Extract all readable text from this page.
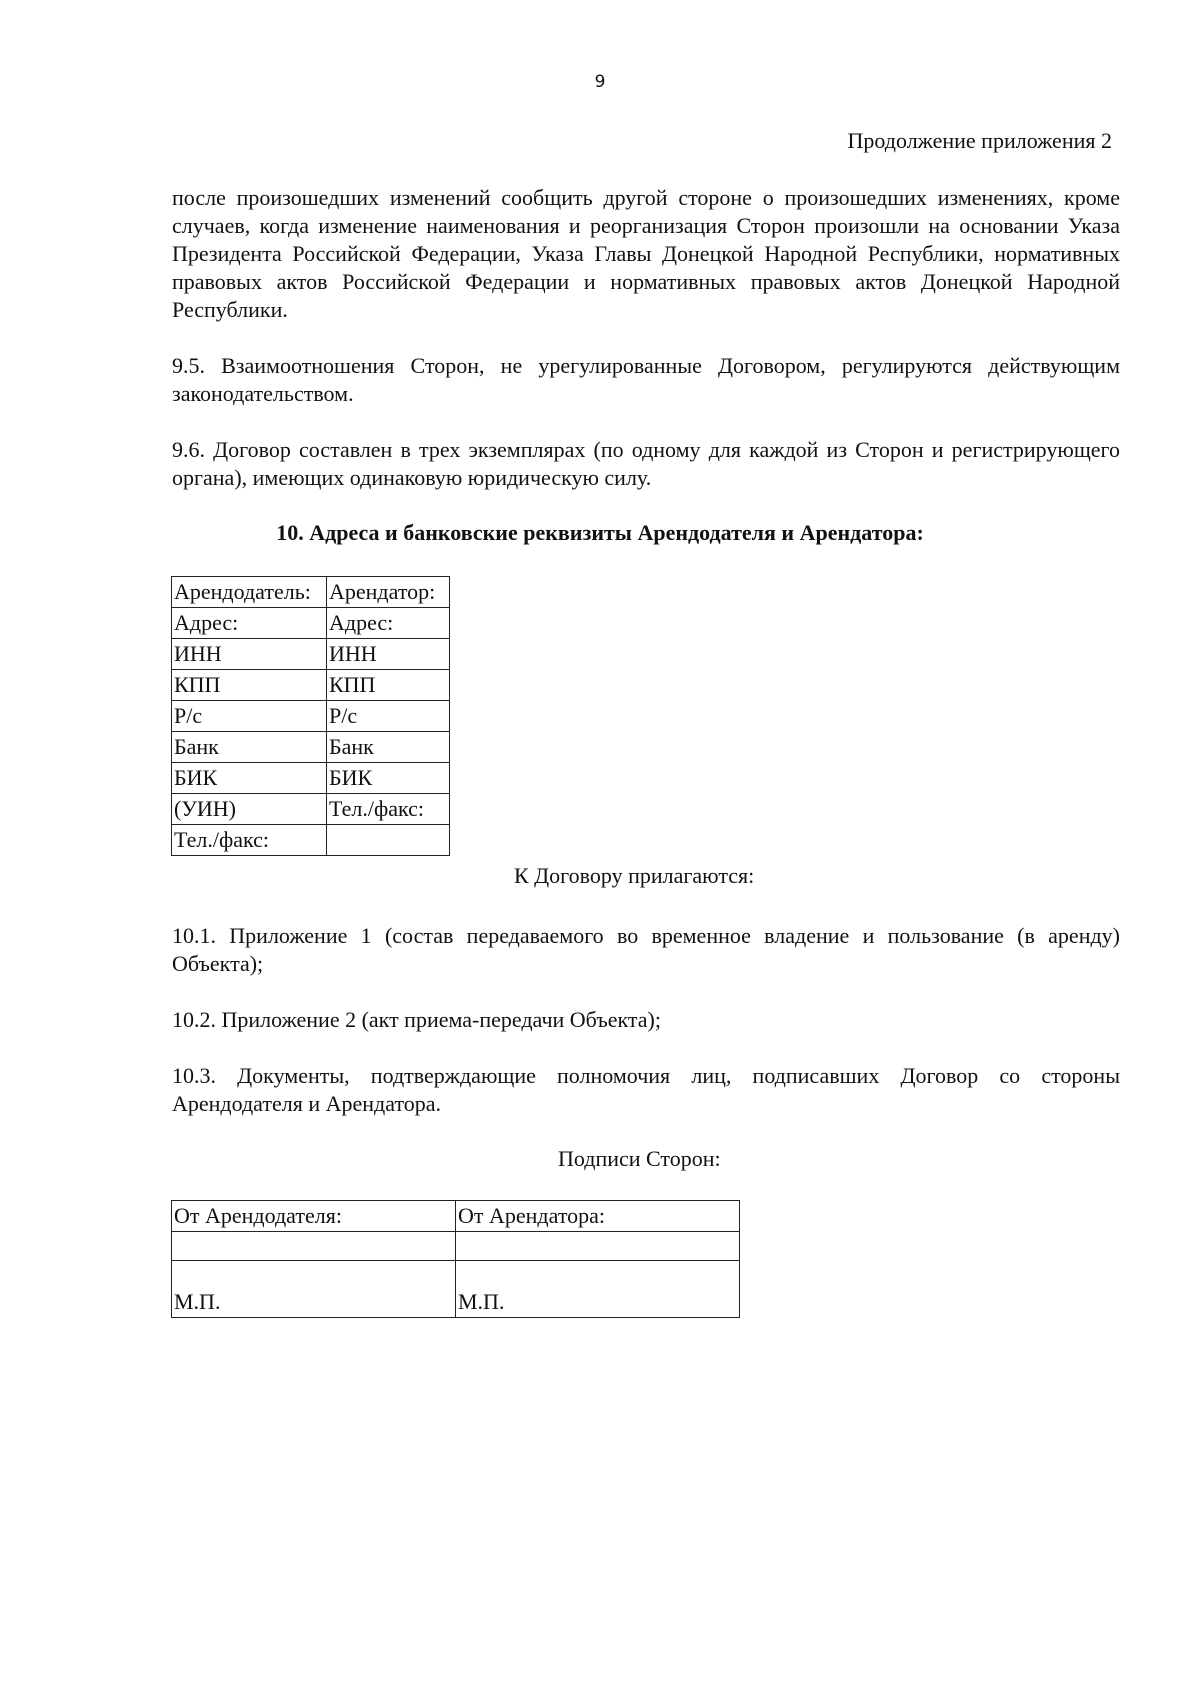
9
Продолжение приложения 2

после произошедших изменений сообщить другой стороне о произошедших изменениях, кроме случаев, когда изменение наименования и реорганизация Сторон произошли на основании Указа Президента Российской Федерации, Указа Главы Донецкой Народной Республики, нормативных правовых актов Российской Федерации и нормативных правовых актов Донецкой Народной Республики.

9.5. Взаимоотношения Сторон, не урегулированные Договором, регулируются действующим законодательством.

9.6. Договор составлен в трех экземплярах (по одному для каждой из Сторон и регистрирующего органа), имеющих одинаковую юридическую силу.

10. Адреса и банковские реквизиты Арендодателя и Арендатора:
Арендодатель:	Арендатор:
Адрес:	Адрес:
ИНН	ИНН
КПП	КПП
Р/с	Р/с
Банк	Банк
БИК	БИК
(УИН)	Тел./факс:
Тел./факс:	
К Договору прилагаются:

10.1. Приложение 1 (состав передаваемого во временное владение и пользование (в аренду) Объекта);

10.2. Приложение 2 (акт приема-передачи Объекта);

10.3. Документы, подтверждающие полномочия лиц, подписавших Договор со стороны Арендодателя и Арендатора.

Подписи Сторон:
От Арендодателя:	От Арендатора:

М.П.	М.П.
